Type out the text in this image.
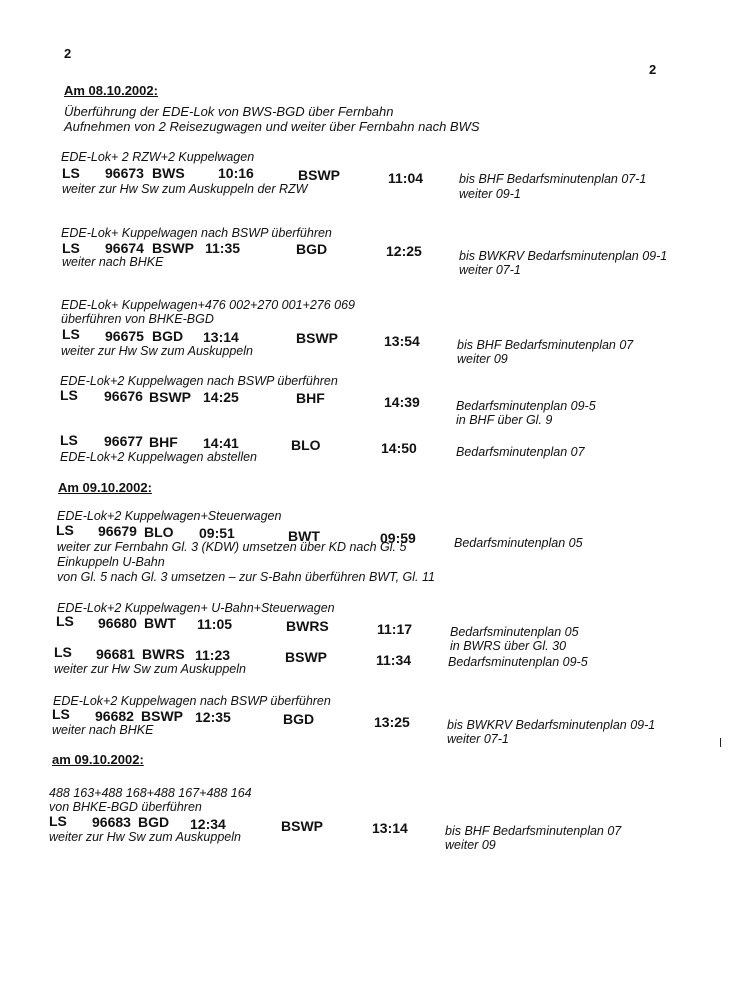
2
2
Am 08.10.2002:
Überführung der EDE-Lok von BWS-BGD über Fernbahn
Aufnehmen von 2 Reisezugwagen und weiter über Fernbahn nach BWS
EDE-Lok+ 2 RZW+2 Kuppelwagen
LS 96673 BWS 10:16	BSWP	11:04
weiter zur Hw Sw zum Auskuppeln der RZW
bis BHF Bedarfsminutenplan 07-1
weiter 09-1
EDE-Lok+ Kuppelwagen nach BSWP überführen
LS 96674 BSWP 11:35	BGD	12:25
weiter nach BHKE	bis BWKRV Bedarfsminutenplan 09-1
weiter 07-1
EDE-Lok+ Kuppelwagen+476 002+270 001+276 069
überführen von BHKE-BGD
LS 96675 BGD 13:14	BSWP	13:54
weiter zur Hw Sw zum Auskuppeln	bis BHF Bedarfsminutenplan 07
weiter 09
EDE-Lok+2 Kuppelwagen nach BSWP überführen
LS 96676 BSWP 14:25	BHF	14:39	Bedarfsminutenplan 09-5
in BHF über Gl. 9
LS 96677 BHF 14:41	BLO	14:50
EDE-Lok+2 Kuppelwagen abstellen	Bedarfsminutenplan 07
Am 09.10.2002:
EDE-Lok+2 Kuppelwagen+Steuerwagen
LS 96679 BLO 09:51	BWT	09:59
weiter zur Fernbahn Gl. 3 (KDW) umsetzen über KD nach Gl. 5
Einkuppeln U-Bahn
von Gl. 5 nach Gl. 3 umsetzen – zur S-Bahn überführen BWT, Gl. 11
Bedarfsminutenplan 05
EDE-Lok+2 Kuppelwagen+ U-Bahn+Steuerwagen
LS 96680 BWT 11:05	BWRS	11:17	Bedarfsminutenplan 05
in BWRS über Gl. 30
LS 96681 BWRS 11:23	BSWP	11:34
weiter zur Hw Sw zum Auskuppeln	Bedarfsminutenplan 09-5
EDE-Lok+2 Kuppelwagen nach BSWP überführen
LS 96682 BSWP 12:35	BGD	13:25
weiter nach BHKE	bis BWKRV Bedarfsminutenplan 09-1
weiter 07-1
am 09.10.2002:
488 163+488 168+488 167+488 164
von BHKE-BGD überführen
LS 96683 BGD 12:34	BSWP	13:14
weiter zur Hw Sw zum Auskuppeln	bis BHF Bedarfsminutenplan 07
weiter 09
